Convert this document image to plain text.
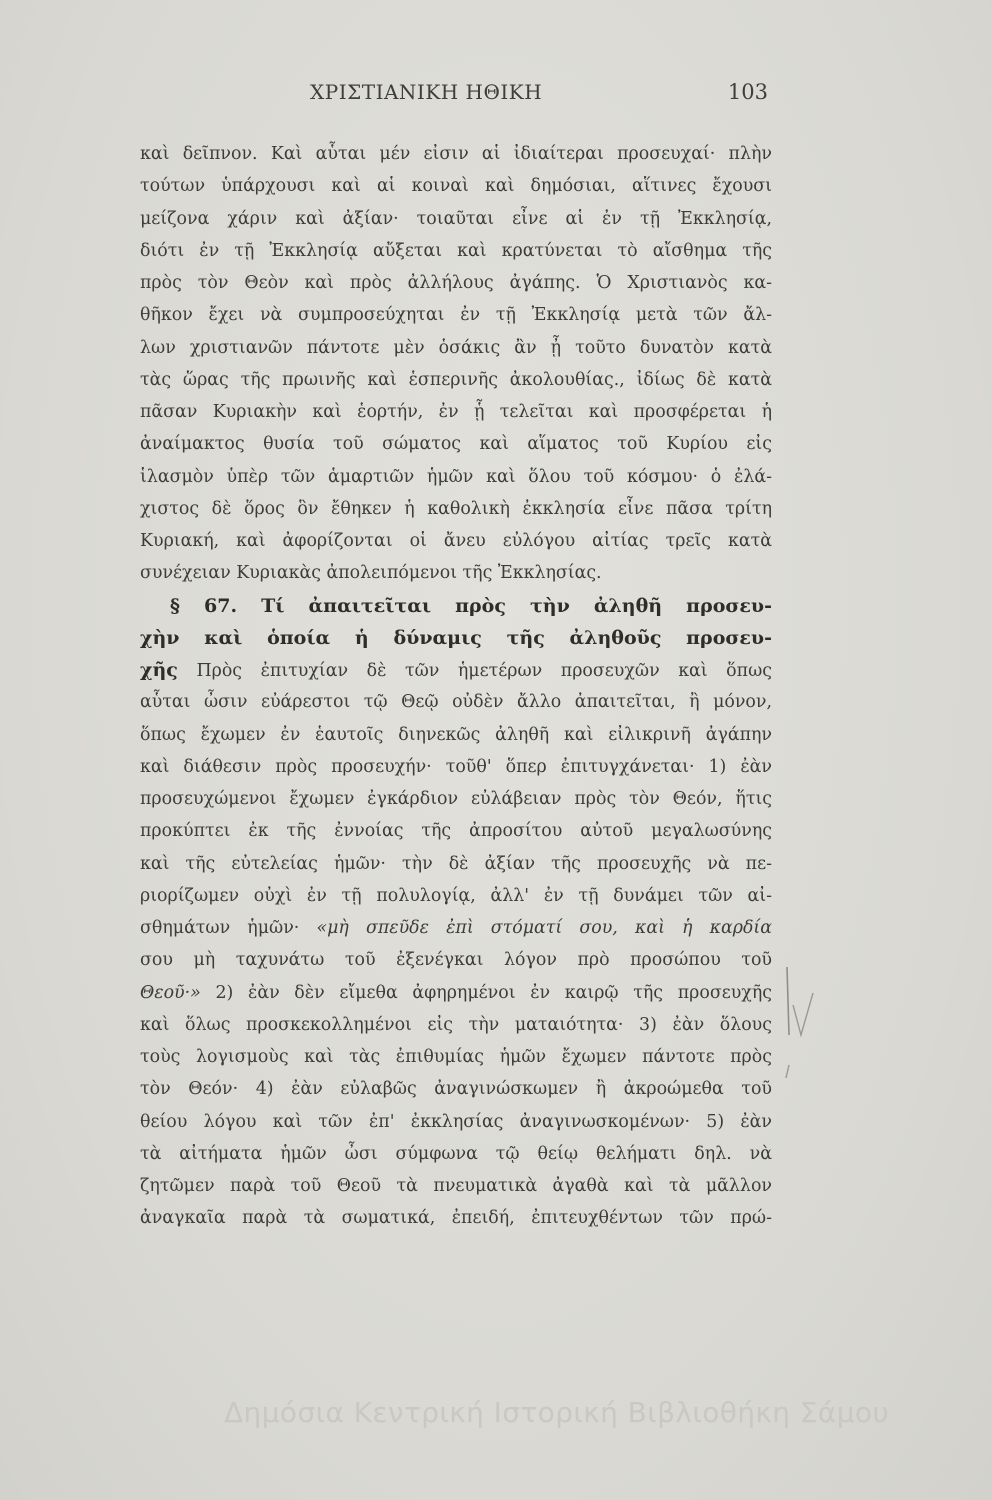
ΧΡΙΣΤΙΑΝΙΚΗ ΗΘΙΚΗ	103
καὶ δεῖπνον. Καὶ αὗται μέν εἰσιν αἱ ἰδιαίτεραι προσευχαί· πλὴν
τούτων ὑπάρχουσι καὶ αἱ κοιναὶ καὶ δημόσιαι, αἵτινες ἔχουσι
μείζονα χάριν καὶ ἀξίαν· τοιαῦται εἶνε αἱ ἐν τῇ Ἐκκλησίᾳ,
διότι ἐν τῇ Ἐκκλησίᾳ αὔξεται καὶ κρατύνεται τὸ αἴσθημα τῆς
πρὸς τὸν Θεὸν καὶ πρὸς ἀλλήλους ἀγάπης. Ὁ Χριστιανὸς κα-
θῆκον ἔχει νὰ συμπροσεύχηται ἐν τῇ Ἐκκλησίᾳ μετὰ τῶν ἄλ-
λων χριστιανῶν πάντοτε μὲν ὁσάκις ἂν ᾖ τοῦτο δυνατὸν κατὰ
τὰς ὥρας τῆς πρωινῆς καὶ ἑσπερινῆς ἀκολουθίας., ἰδίως δὲ κατὰ
πᾶσαν Κυριακὴν καὶ ἑορτήν, ἐν ᾗ τελεῖται καὶ προσφέρεται ἡ
ἀναίμακτος θυσία τοῦ σώματος καὶ αἵματος τοῦ Κυρίου εἰς
ἱλασμὸν ὑπὲρ τῶν ἁμαρτιῶν ἡμῶν καὶ ὅλου τοῦ κόσμου· ὁ ἐλά-
χιστος δὲ ὅρος ὃν ἔθηκεν ἡ καθολικὴ ἐκκλησία εἶνε πᾶσα τρίτη
Κυριακή, καὶ ἀφορίζονται οἱ ἄνευ εὐλόγου αἰτίας τρεῖς κατὰ
συνέχειαν Κυριακὰς ἀπολειπόμενοι τῆς Ἐκκλησίας.
§ 67. Τί ἀπαιτεῖται πρὸς τὴν ἀληθῆ προσευ-
χὴν καὶ ὁποία ἡ δύναμις τῆς ἀληθοῦς προσευ-
χῆς Πρὸς ἐπιτυχίαν δὲ τῶν ἡμετέρων προσευχῶν καὶ ὅπως
αὗται ὦσιν εὐάρεστοι τῷ Θεῷ οὐδὲν ἄλλο ἀπαιτεῖται, ἢ μόνον,
ὅπως ἔχωμεν ἐν ἑαυτοῖς διηνεκῶς ἀληθῆ καὶ εἰλικρινῆ ἀγάπην
καὶ διάθεσιν πρὸς προσευχήν· τοῦθ' ὅπερ ἐπιτυγχάνεται· 1) ἐὰν
προσευχώμενοι ἔχωμεν ἐγκάρδιον εὐλάβειαν πρὸς τὸν Θεόν, ἥτις
προκύπτει ἐκ τῆς ἐννοίας τῆς ἀπροσίτου αὐτοῦ μεγαλωσύνης
καὶ τῆς εὐτελείας ἡμῶν· τὴν δὲ ἀξίαν τῆς προσευχῆς νὰ πε-
ριορίζωμεν οὐχὶ ἐν τῇ πολυλογίᾳ, ἀλλ' ἐν τῇ δυνάμει τῶν αἰ-
σθημάτων ἡμῶν· «μὴ σπεῦδε ἐπὶ στόματί σου, καὶ ἡ καρδία
σου μὴ ταχυνάτω τοῦ ἐξενέγκαι λόγον πρὸ προσώπου τοῦ
Θεοῦ·» 2) ἐὰν δὲν εἴμεθα ἀφηρημένοι ἐν καιρῷ τῆς προσευχῆς
καὶ ὅλως προσκεκολλημένοι εἰς τὴν ματαιότητα· 3) ἐὰν ὅλους
τοὺς λογισμοὺς καὶ τὰς ἐπιθυμίας ἡμῶν ἔχωμεν πάντοτε πρὸς
τὸν Θεόν· 4) ἐὰν εὐλαβῶς ἀναγινώσκωμεν ἢ ἀκροώμεθα τοῦ
θείου λόγου καὶ τῶν ἐπ' ἐκκλησίας ἀναγινωσκομένων· 5) ἐὰν
τὰ αἰτήματα ἡμῶν ὦσι σύμφωνα τῷ θείῳ θελήματι δηλ. νὰ
ζητῶμεν παρὰ τοῦ Θεοῦ τὰ πνευματικὰ ἀγαθὰ καὶ τὰ μᾶλλον
ἀναγκαῖα παρὰ τὰ σωματικά, ἐπειδή, ἐπιτευχθέντων τῶν πρώ-
Δημόσια Κεντρική Ιστορική Βιβλιοθήκη Σάμου
